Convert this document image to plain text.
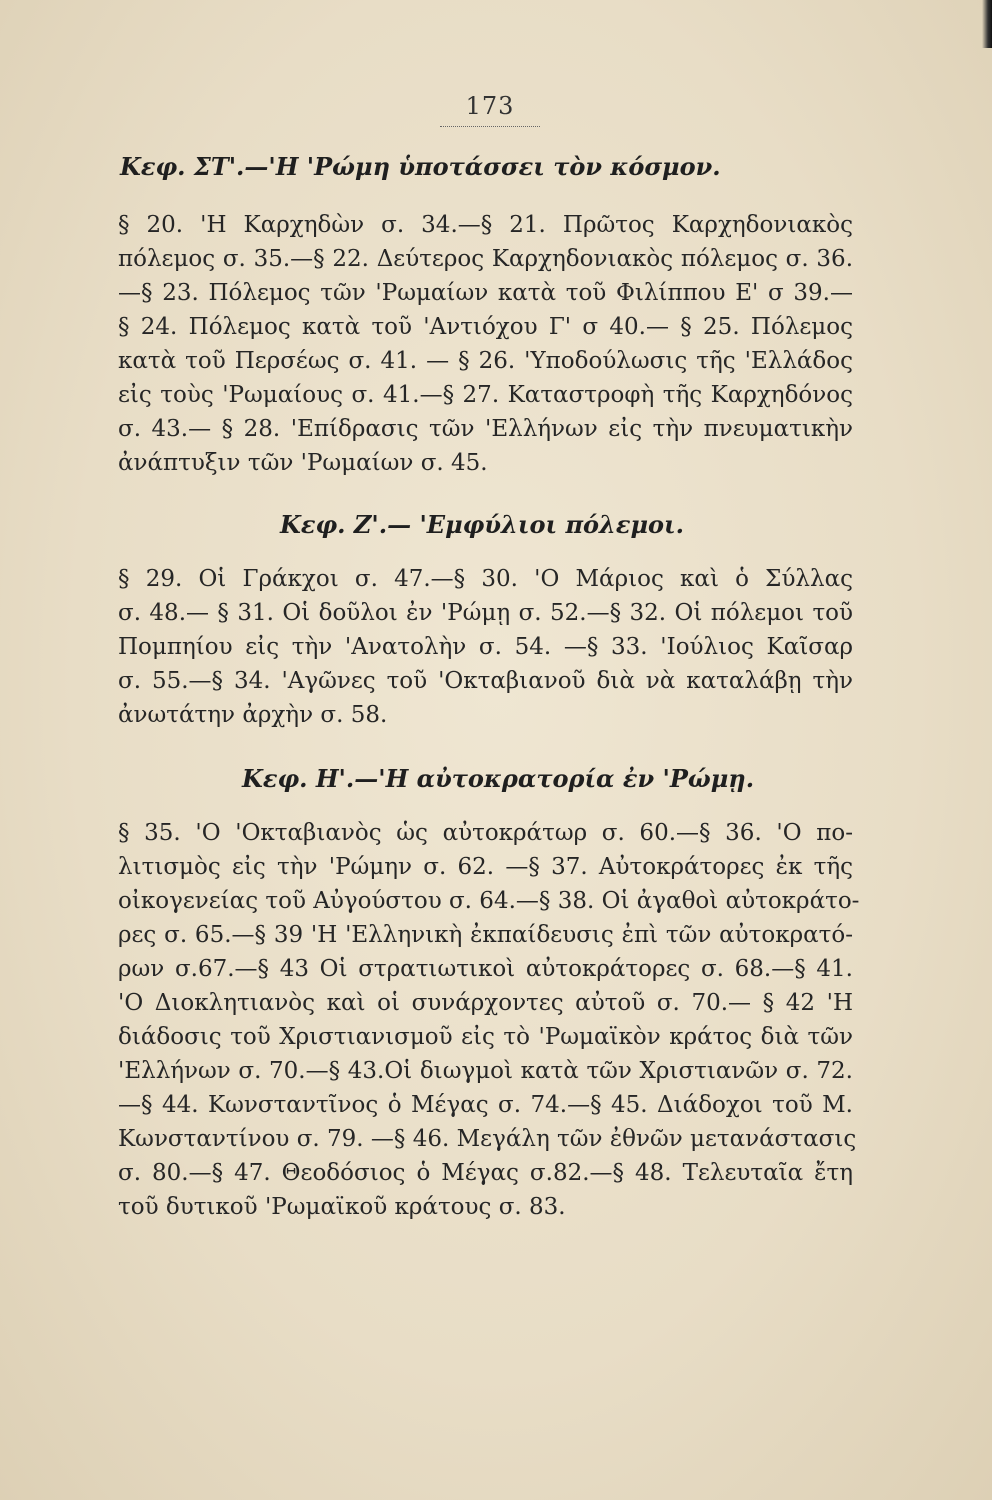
173
Κεφ. ΣΤ'.—'Η 'Ρώμη ὑποτάσσει τὸν κόσμον.
§ 20. 'Η Καρχηδὼν σ. 34.—§ 21. Πρῶτος Καρχηδονιακὸς
πόλεμος σ. 35.—§ 22. Δεύτερος Καρχηδονιακὸς πόλεμος σ. 36.
—§ 23. Πόλεμος τῶν 'Ρωμαίων κατὰ τοῦ Φιλίππου Ε' σ 39.—
§ 24. Πόλεμος κατὰ τοῦ 'Αντιόχου Γ' σ 40.— § 25. Πόλεμος
κατὰ τοῦ Περσέως σ. 41. — § 26. 'Υποδούλωσις τῆς 'Ελλάδος
εἰς τοὺς 'Ρωμαίους σ. 41.—§ 27. Καταστροφὴ τῆς Καρχηδόνος
σ. 43.— § 28. 'Επίδρασις τῶν 'Ελλήνων εἰς τὴν πνευματικὴν
ἀνάπτυξιν τῶν 'Ρωμαίων σ. 45.
Κεφ. Ζ'.— 'Εμφύλιοι πόλεμοι.
§ 29. Οἱ Γράκχοι σ. 47.—§ 30. 'Ο Μάριος καὶ ὁ Σύλλας
σ. 48.— § 31. Οἱ δοῦλοι ἐν 'Ρώμῃ σ. 52.—§ 32. Οἱ πόλεμοι τοῦ
Πομπηίου εἰς τὴν 'Ανατολὴν σ. 54. —§ 33. 'Ιούλιος Καῖσαρ
σ. 55.—§ 34. 'Αγῶνες τοῦ 'Οκταβιανοῦ διὰ νὰ καταλάβῃ τὴν
ἀνωτάτην ἀρχὴν σ. 58.
Κεφ. Η'.—'Η αὐτοκρατορία ἐν 'Ρώμῃ.
§ 35. 'Ο 'Οκταβιανὸς ὡς αὐτοκράτωρ σ. 60.—§ 36. 'Ο πο-
λιτισμὸς εἰς τὴν 'Ρώμην σ. 62. —§ 37. Αὐτοκράτορες ἐκ τῆς
οἰκογενείας τοῦ Αὐγούστου σ. 64.—§ 38. Οἱ ἀγαθοὶ αὐτοκράτο-
ρες σ. 65.—§ 39 'Η 'Ελληνικὴ ἐκπαίδευσις ἐπὶ τῶν αὐτοκρατό-
ρων σ.67.—§ 43 Οἱ στρατιωτικοὶ αὐτοκράτορες σ. 68.—§ 41.
'Ο Διοκλητιανὸς καὶ οἱ συνάρχοντες αὐτοῦ σ. 70.— § 42 'Η
διάδοσις τοῦ Χριστιανισμοῦ εἰς τὸ 'Ρωμαϊκὸν κράτος διὰ τῶν
'Ελλήνων σ. 70.—§ 43.Οἱ διωγμοὶ κατὰ τῶν Χριστιανῶν σ. 72.
—§ 44. Κωνσταντῖνος ὁ Μέγας σ. 74.—§ 45. Διάδοχοι τοῦ Μ.
Κωνσταντίνου σ. 79. —§ 46. Μεγάλη τῶν ἐθνῶν μετανάστασις
σ. 80.—§ 47. Θεοδόσιος ὁ Μέγας σ.82.—§ 48. Τελευταῖα ἔτη
τοῦ δυτικοῦ 'Ρωμαϊκοῦ κράτους σ. 83.
